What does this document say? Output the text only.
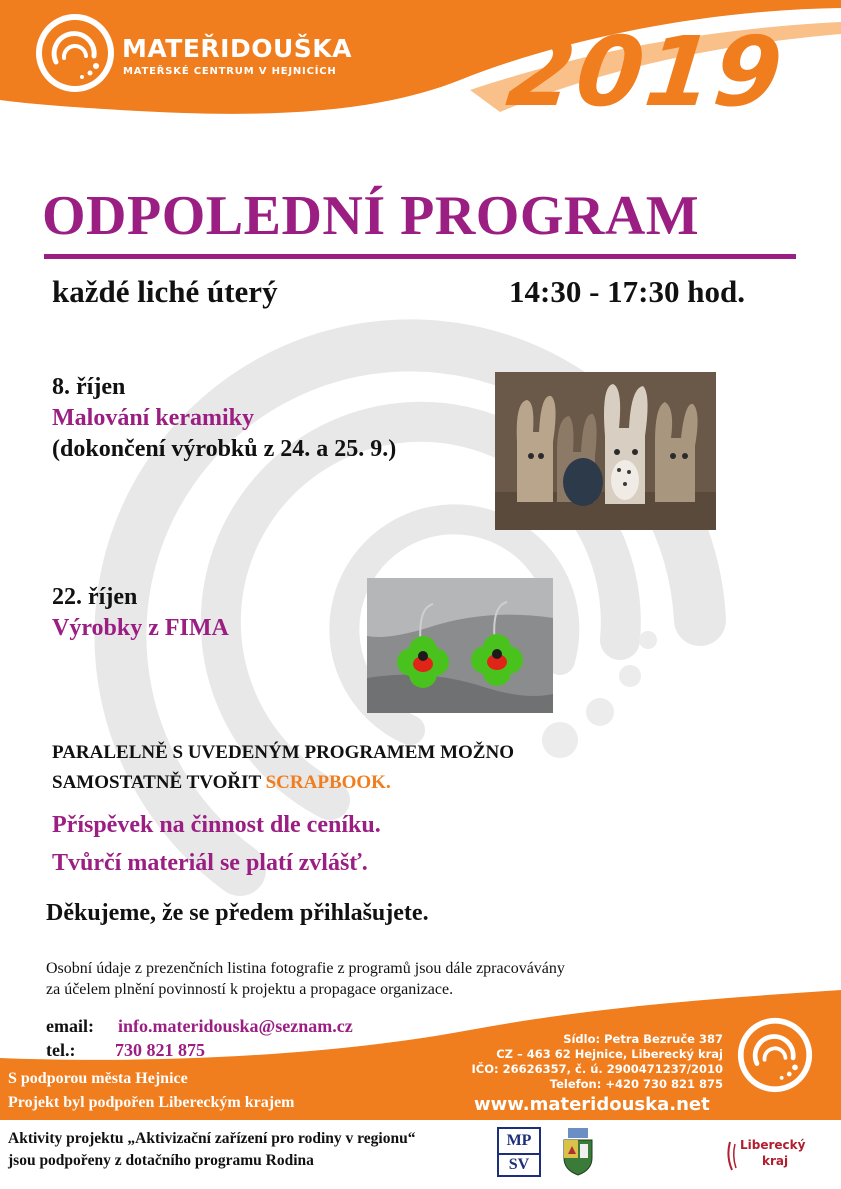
MATEŘIDOUŠKA
MATEŘSKÉ CENTRUM V HEJNICÍCH 2019
ODPOLEDNÍ PROGRAM
každé liché úterý	14:30 - 17:30 hod.
8. říjen
Malování keramiky
(dokončení výrobků z 24. a 25. 9.)
22. říjen
Výrobky z FIMA
PARALELNĚ S UVEDENÝM PROGRAMEM MOŽNO
SAMOSTATNĚ TVOŘIT SCRAPBOOK.
Příspěvek na činnost dle ceníku.
Tvůrčí materiál se platí zvlášť.
Děkujeme, že se předem přihlašujete.
Osobní údaje z prezenčních listina fotografie z programů jsou dále zpracovávány
za účelem plnění povinností k projektu a propagace organizace.
email: info.materidouska@seznam.cz
tel.: 730 821 875
S podporou města Hejnice
Projekt byl podpořen Libereckým krajem
Sídlo: Petra Bezruče 387
CZ – 463 62 Hejnice, Liberecký kraj
IČO: 26626357, č. ú. 2900471237/2010
Telefon: +420 730 821 875
www.materidouska.net
Aktivity projektu „Aktivizační zařízení pro rodiny v regionu“
jsou podpořeny z dotačního programu Rodina
MP
SV
Liberecký
kraj
